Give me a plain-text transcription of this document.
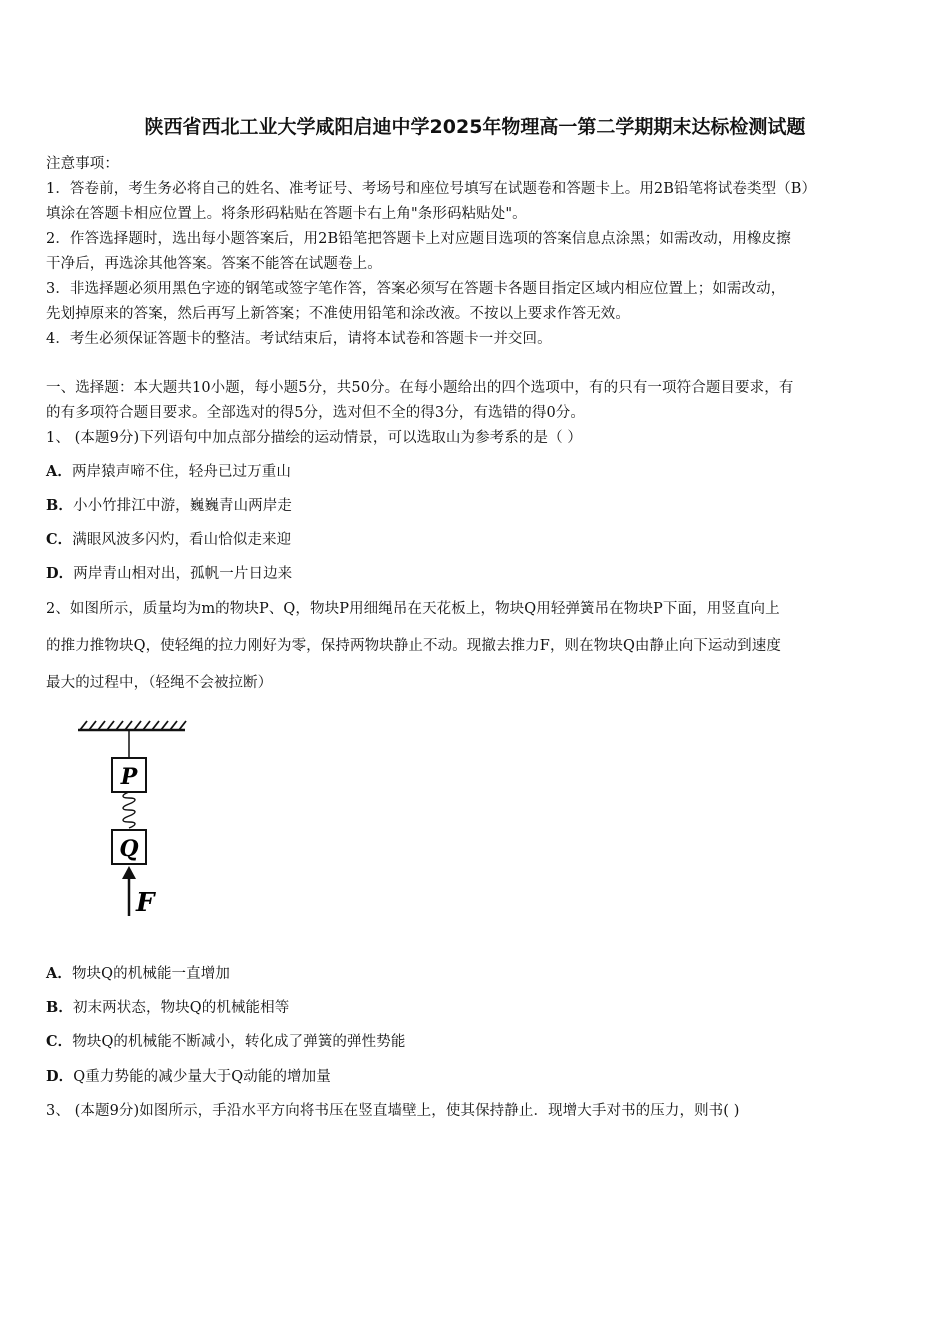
陕西省西北工业大学咸阳启迪中学2025年物理高一第二学期期末达标检测试题
注意事项：
1．答卷前，考生务必将自己的姓名、准考证号、考场号和座位号填写在试题卷和答题卡上。用2B铅笔将试卷类型（B）
填涂在答题卡相应位置上。将条形码粘贴在答题卡右上角"条形码粘贴处"。
2．作答选择题时，选出每小题答案后，用2B铅笔把答题卡上对应题目选项的答案信息点涂黑；如需改动，用橡皮擦
干净后，再选涂其他答案。答案不能答在试题卷上。
3．非选择题必须用黑色字迹的钢笔或签字笔作答，答案必须写在答题卡各题目指定区域内相应位置上；如需改动，
先划掉原来的答案，然后再写上新答案；不准使用铅笔和涂改液。不按以上要求作答无效。
4．考生必须保证答题卡的整洁。考试结束后，请将本试卷和答题卡一并交回。
一、选择题：本大题共10小题，每小题5分，共50分。在每小题给出的四个选项中，有的只有一项符合题目要求，有
的有多项符合题目要求。全部选对的得5分，选对但不全的得3分，有选错的得0分。
1、 (本题9分)下列语句中加点部分描绘的运动情景，可以选取山为参考系的是（ ）
A．两岸猿声啼不住，轻舟已过万重山
B．小小竹排江中游，巍巍青山两岸走
C．满眼风波多闪灼，看山恰似走来迎
D．两岸青山相对出，孤帆一片日边来
2、如图所示，质量均为m的物块P、Q，物块P用细绳吊在天花板上，物块Q用轻弹簧吊在物块P下面，用竖直向上
的推力推物块Q，使轻绳的拉力刚好为零，保持两物块静止不动。现撤去推力F，则在物块Q由静止向下运动到速度
最大的过程中，（轻绳不会被拉断）
P
Q
F
A．物块Q的机械能一直增加
B．初末两状态，物块Q的机械能相等
C．物块Q的机械能不断减小，转化成了弹簧的弹性势能
D．Q重力势能的减少量大于Q动能的增加量
3、 (本题9分)如图所示，手沿水平方向将书压在竖直墙壁上，使其保持静止．现增大手对书的压力，则书( )
